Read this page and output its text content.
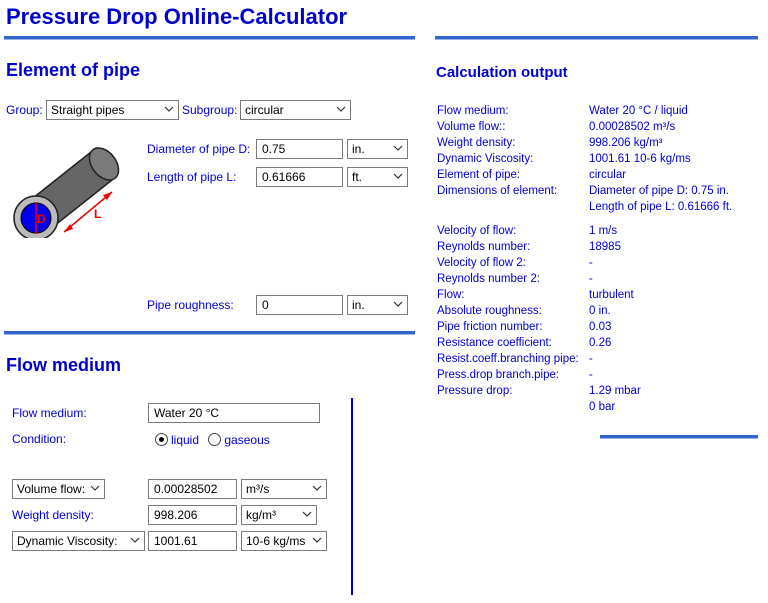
Pressure Drop Online-Calculator
Element of pipe
Group: Straight pipes	Subgroup: circular
D	L
Diameter of pipe D: 0.75	in.
Length of pipe L:	0.61666	ft.
Pipe roughness:	0	in.
Flow medium
Flow medium:	Water 20 °C
Condition:	liquid gaseous
Volume flow:	0.00028502	m³/s
Weight density:	998.206	kg/m³
Dynamic Viscosity:	1001.61	10-6 kg/ms
Calculation output
Flow medium:	Water 20 °C / liquid
Volume flow::	0.00028502 m³/s
Weight density:	998.206 kg/m³
Dynamic Viscosity:	1001.61 10-6 kg/ms
Element of pipe:	circular
Dimensions of element:	Diameter of pipe D: 0.75 in.
Length of pipe L: 0.61666 ft.
Velocity of flow:	1 m/s
Reynolds number:	18985
Velocity of flow 2:	-
Reynolds number 2:	-
Flow:	turbulent
Absolute roughness:	0 in.
Pipe friction number:	0.03
Resistance coefficient:	0.26
Resist.coeff.branching pipe: -
Press.drop branch.pipe:	-
Pressure drop:	1.29 mbar
0 bar
